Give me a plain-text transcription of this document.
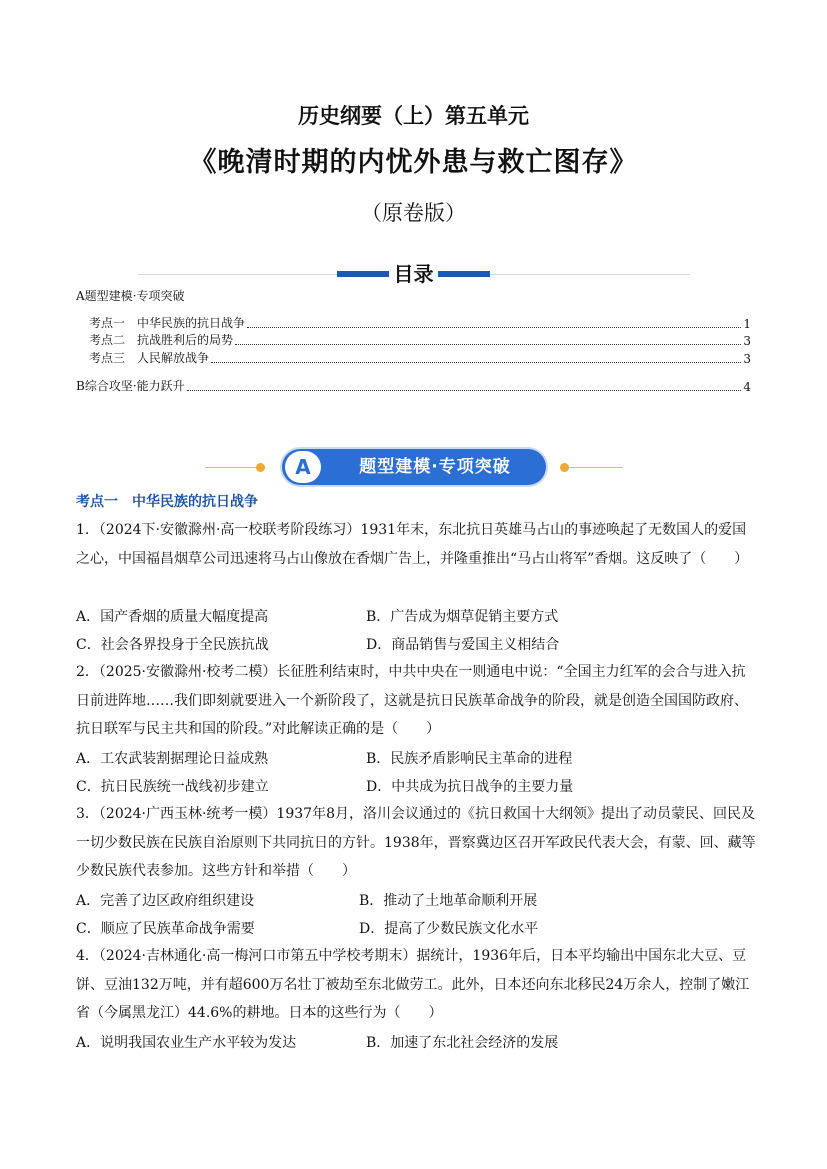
历史纲要（上）第五单元
《晚清时期的内忧外患与救亡图存》
（原卷版）
目录
A题型建模·专项突破
考点一　中华民族的抗日战争	1
考点二　抗战胜利后的局势	3
考点三　人民解放战争	3
B综合攻坚·能力跃升	4
A	题型建模·专项突破
考点一　中华民族的抗日战争
1．（2024下·安徽滁州·高一校联考阶段练习）1931年末，东北抗日英雄马占山的事迹唤起了无数国人的爱国之心，中国福昌烟草公司迅速将马占山像放在香烟广告上，并隆重推出“马占山将军”香烟。这反映了（　　）
A．国产香烟的质量大幅度提高	B．广告成为烟草促销主要方式
C．社会各界投身于全民族抗战	D．商品销售与爱国主义相结合
2．（2025·安徽滁州·校考二模）长征胜利结束时，中共中央在一则通电中说：“全国主力红军的会合与进入抗日前进阵地……我们即刻就要进入一个新阶段了，这就是抗日民族革命战争的阶段，就是创造全国国防政府、抗日联军与民主共和国的阶段。”对此解读正确的是（　　）
A．工农武装割据理论日益成熟	B．民族矛盾影响民主革命的进程
C．抗日民族统一战线初步建立	D．中共成为抗日战争的主要力量
3．（2024·广西玉林·统考一模）1937年8月，洛川会议通过的《抗日救国十大纲领》提出了动员蒙民、回民及一切少数民族在民族自治原则下共同抗日的方针。1938年，晋察冀边区召开军政民代表大会，有蒙、回、藏等少数民族代表参加。这些方针和举措（　　）
A．完善了边区政府组织建设	B．推动了土地革命顺利开展
C．顺应了民族革命战争需要	D．提高了少数民族文化水平
4．（2024·吉林通化·高一梅河口市第五中学校考期末）据统计，1936年后，日本平均输出中国东北大豆、豆饼、豆油132万吨，并有超600万名壮丁被劫至东北做劳工。此外，日本还向东北移民24万余人，控制了嫩江省（今属黑龙江）44.6%的耕地。日本的这些行为（　　）
A．说明我国农业生产水平较为发达	B．加速了东北社会经济的发展
